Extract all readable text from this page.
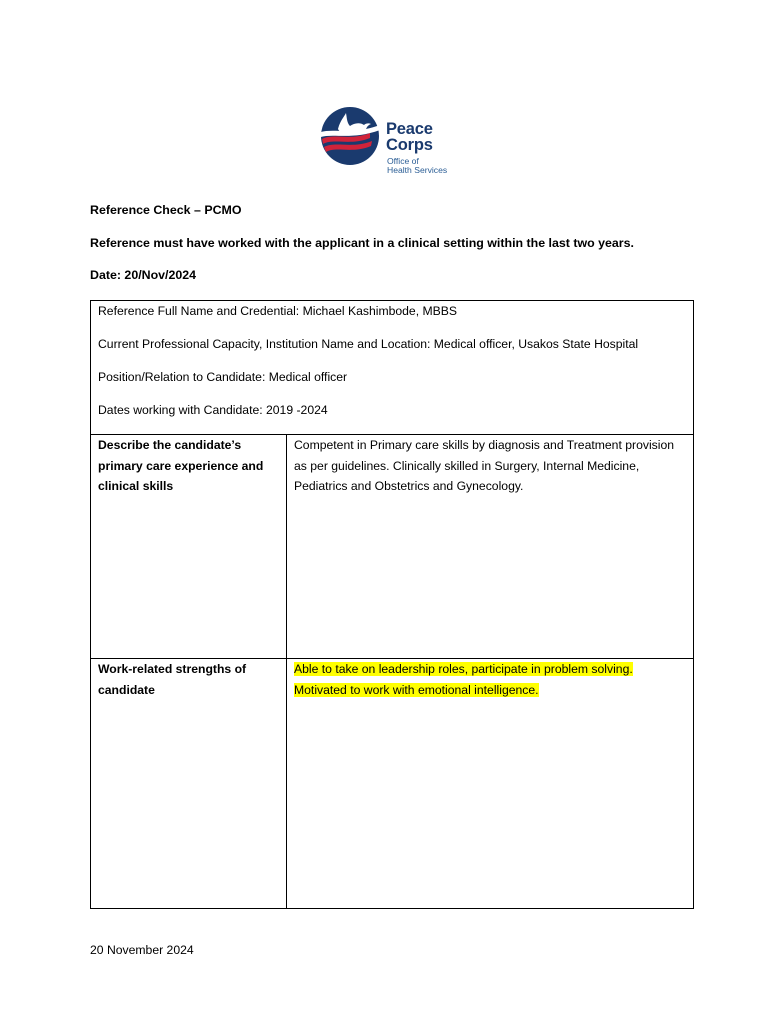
Peace
Corps
Office of
Health Services
Reference Check – PCMO
Reference must have worked with the applicant in a clinical setting within the last two years.
Date: 20/Nov/2024
Reference Full Name and Credential: Michael Kashimbode, MBBS
Current Professional Capacity, Institution Name and Location: Medical officer, Usakos State Hospital
Position/Relation to Candidate: Medical officer
Dates working with Candidate: 2019 -2024	

Describe the candidate’s primary care experience and clinical skills	Competent in Primary care skills by diagnosis and Treatment provision as per guidelines. Clinically skilled in Surgery, Internal Medicine, Pediatrics and Obstetrics and Gynecology.
Work-related strengths of candidate	Able to take on leadership roles, participate in problem solving.
Motivated to work with emotional intelligence.
20 November 2024
